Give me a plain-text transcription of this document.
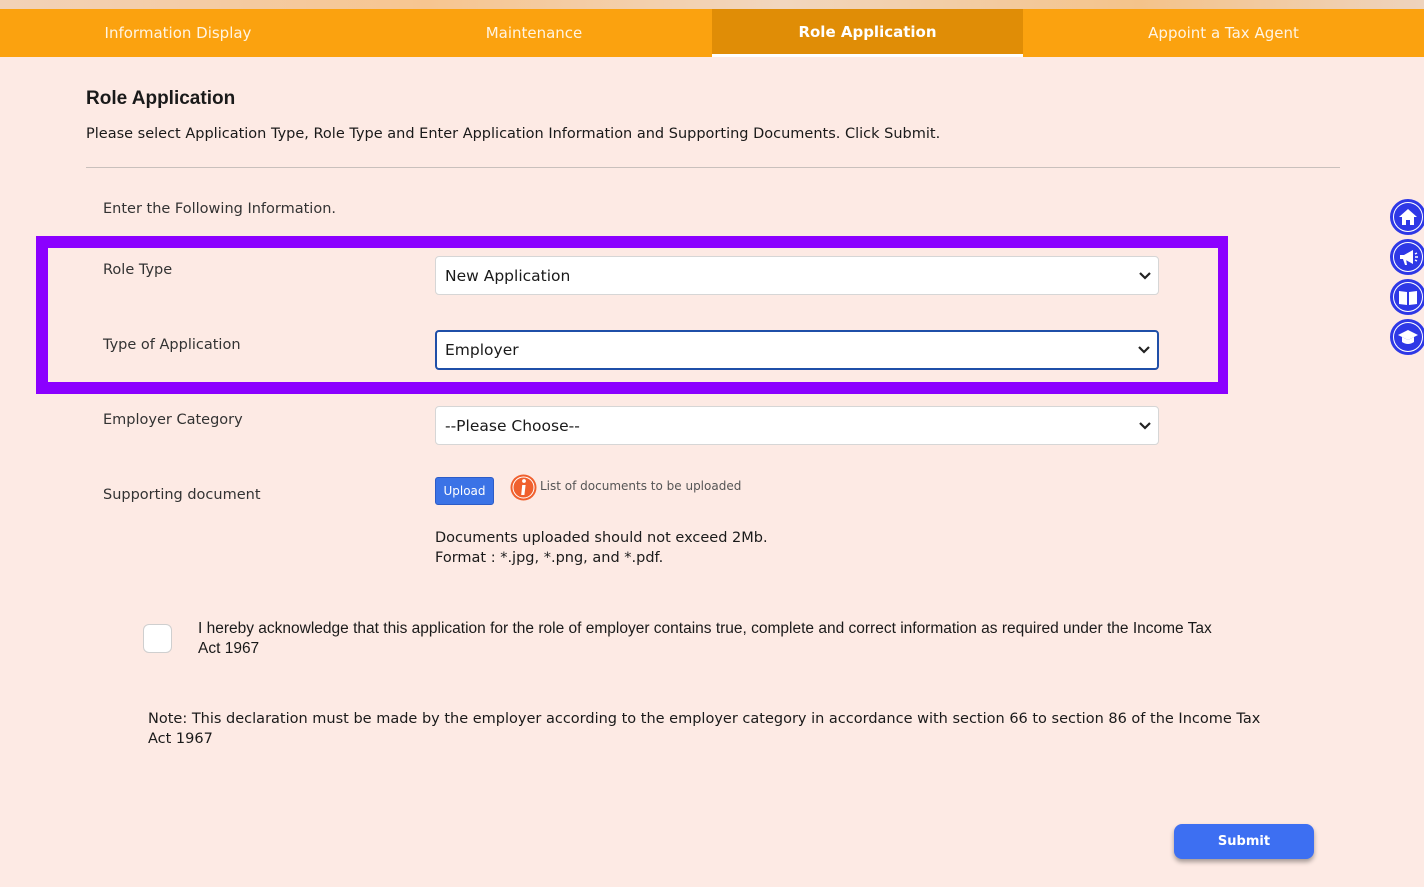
Information Display	Maintenance	Role Application	Appoint a Tax Agent
Role Application
Please select Application Type, Role Type and Enter Application Information and Supporting Documents. Click Submit.
Enter the Following Information.
Role Type	New Application
Type of Application	Employer
Employer Category	--Please Choose--
Supporting document	Upload	List of documents to be uploaded
Documents uploaded should not exceed 2Mb.
Format : *.jpg, *.png, and *.pdf.
I hereby acknowledge that this application for the role of employer contains true, complete and correct information as required under the Income Tax Act 1967
Note: This declaration must be made by the employer according to the employer category in accordance with section 66 to section 86 of the Income Tax Act 1967
Submit
